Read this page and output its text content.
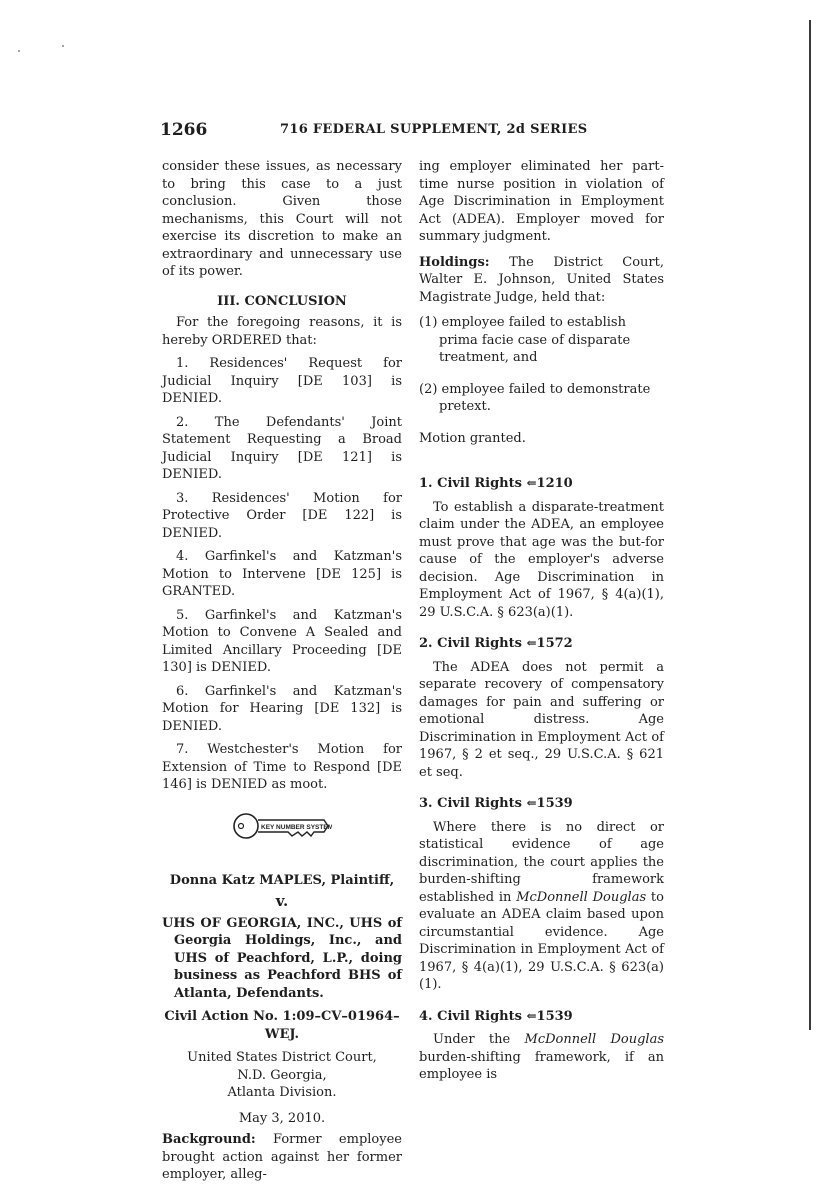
1266	716 FEDERAL SUPPLEMENT, 2d SERIES

consider these issues, as necessary to bring this case to a just conclusion. Given those mechanisms, this Court will not exercise its discretion to make an extraordinary and unnecessary use of its power.

III. CONCLUSION

For the foregoing reasons, it is hereby ORDERED that:

1. Residences' Request for Judicial Inquiry [DE 103] is DENIED.

2. The Defendants' Joint Statement Requesting a Broad Judicial Inquiry [DE 121] is DENIED.

3. Residences' Motion for Protective Order [DE 122] is DENIED.

4. Garfinkel's and Katzman's Motion to Intervene [DE 125] is GRANTED.

5. Garfinkel's and Katzman's Motion to Convene A Sealed and Limited Ancillary Proceeding [DE 130] is DENIED.

6. Garfinkel's and Katzman's Motion for Hearing [DE 132] is DENIED.

7. Westchester's Motion for Extension of Time to Respond [DE 146] is DENIED as moot.

KEY NUMBER SYSTEM

Donna Katz MAPLES, Plaintiff,

v.

UHS OF GEORGIA, INC., UHS of Georgia Holdings, Inc., and UHS of Peachford, L.P., doing business as Peachford BHS of Atlanta, Defendants.

Civil Action No. 1:09–CV–01964–WEJ.

United States District Court,

N.D. Georgia,

Atlanta Division.

May 3, 2010.

Background: Former employee brought action against her former employer, alleg-

ing employer eliminated her part-time nurse position in violation of Age Discrimination in Employment Act (ADEA). Employer moved for summary judgment.

Holdings: The District Court, Walter E. Johnson, United States Magistrate Judge, held that:

(1) employee failed to establish prima facie case of disparate treatment, and

(2) employee failed to demonstrate pretext.

Motion granted.

1. Civil Rights ⇐1210

To establish a disparate-treatment claim under the ADEA, an employee must prove that age was the but-for cause of the employer's adverse decision. Age Discrimination in Employment Act of 1967, § 4(a)(1), 29 U.S.C.A. § 623(a)(1).

2. Civil Rights ⇐1572

The ADEA does not permit a separate recovery of compensatory damages for pain and suffering or emotional distress. Age Discrimination in Employment Act of 1967, § 2 et seq., 29 U.S.C.A. § 621 et seq.

3. Civil Rights ⇐1539

Where there is no direct or statistical evidence of age discrimination, the court applies the burden-shifting framework established in McDonnell Douglas to evaluate an ADEA claim based upon circumstantial evidence. Age Discrimination in Employment Act of 1967, § 4(a)(1), 29 U.S.C.A. § 623(a)(1).

4. Civil Rights ⇐1539

Under the McDonnell Douglas burden-shifting framework, if an employee is
